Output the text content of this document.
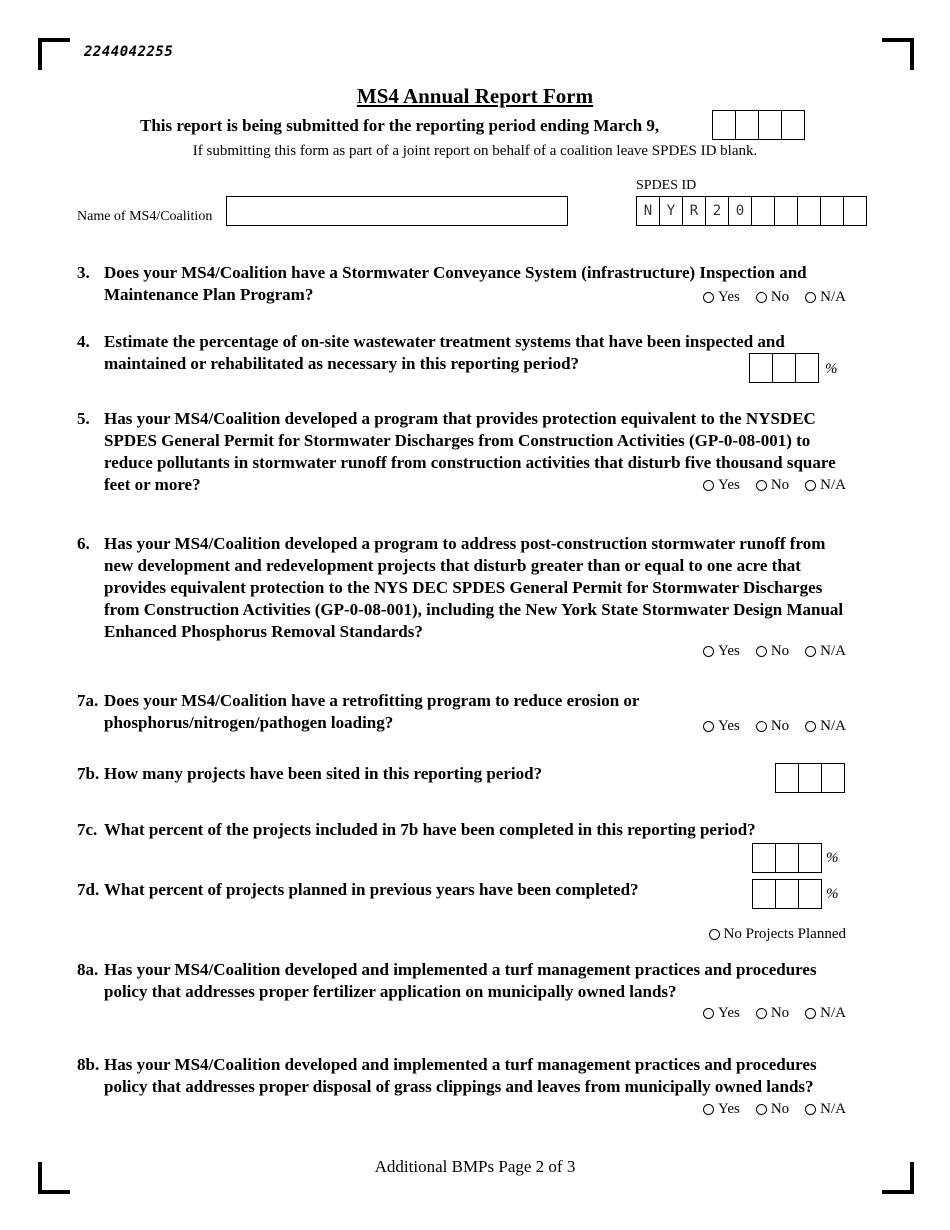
2244042255
MS4 Annual Report Form
This report is being submitted for the reporting period ending March 9,
If submitting this form as part of a joint report on behalf of a coalition leave SPDES ID blank.
SPDES ID
N	Y	R	2	0
Name of MS4/Coalition
3. Does your MS4/Coalition have a Stormwater Conveyance System (infrastructure) Inspection and Maintenance Plan Program?	Yes No N/A
4. Estimate the percentage of on-site wastewater treatment systems that have been inspected and maintained or rehabilitated as necessary in this reporting period?	%
5. Has your MS4/Coalition developed a program that provides protection equivalent to the NYSDEC SPDES General Permit for Stormwater Discharges from Construction Activities (GP-0-08-001) to reduce pollutants in stormwater runoff from construction activities that disturb five thousand square feet or more?	Yes No N/A
6. Has your MS4/Coalition developed a program to address post-construction stormwater runoff from new development and redevelopment projects that disturb greater than or equal to one acre that provides equivalent protection to the NYS DEC SPDES General Permit for Stormwater Discharges from Construction Activities (GP-0-08-001), including the New York State Stormwater Design Manual Enhanced Phosphorus Removal Standards?
Yes No N/A
7a. Does your MS4/Coalition have a retrofitting program to reduce erosion or phosphorus/nitrogen/pathogen loading?	Yes No N/A
7b. How many projects have been sited in this reporting period?
7c. What percent of the projects included in 7b have been completed in this reporting period?
%
7d. What percent of projects planned in previous years have been completed?	%
No Projects Planned
8a. Has your MS4/Coalition developed and implemented a turf management practices and procedures policy that addresses proper fertilizer application on municipally owned lands?
Yes No N/A
8b. Has your MS4/Coalition developed and implemented a turf management practices and procedures policy that addresses proper disposal of grass clippings and leaves from municipally owned lands?
Yes No N/A
Additional BMPs Page 2 of 3
